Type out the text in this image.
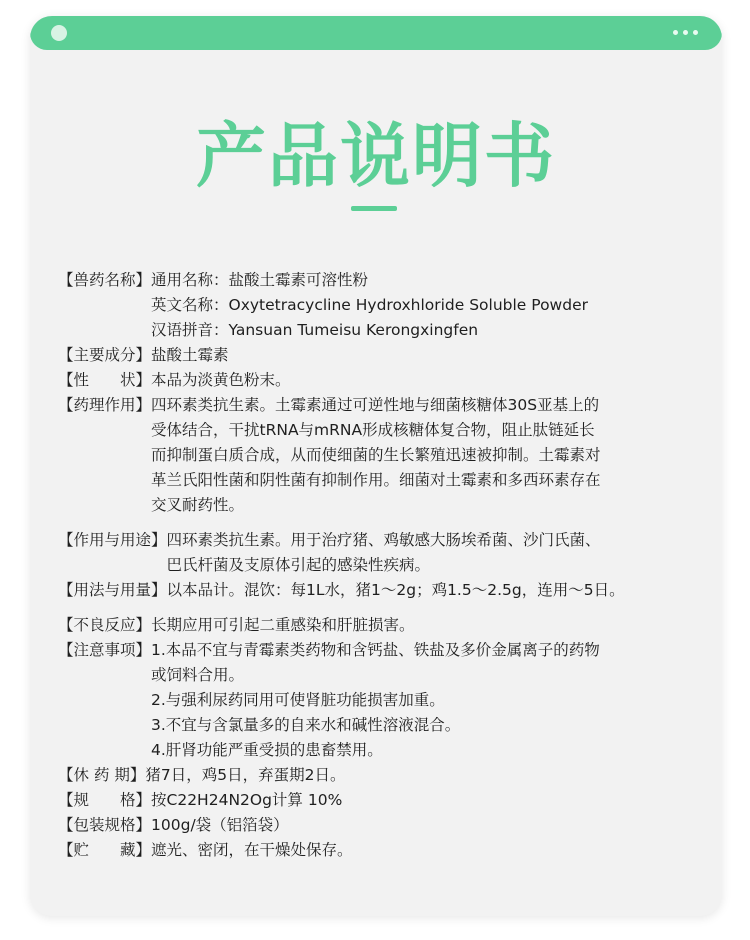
产品说明书
【兽药名称】 通用名称：盐酸土霉素可溶性粉
英文名称：Oxytetracycline Hydroxhloride Soluble Powder
汉语拼音：Yansuan Tumeisu Kerongxingfen
【主要成分】 盐酸土霉素
【性　　状】 本品为淡黄色粉末。
【药理作用】 四环素类抗生素。土霉素通过可逆性地与细菌核糖体30S亚基上的
受体结合，干扰tRNA与mRNA形成核糖体复合物，阻止肽链延长
而抑制蛋白质合成，从而使细菌的生长繁殖迅速被抑制。土霉素对
革兰氏阳性菌和阴性菌有抑制作用。细菌对土霉素和多西环素存在
交叉耐药性。
【作用与用途】 四环素类抗生素。用于治疗猪、鸡敏感大肠埃希菌、沙门氏菌、
巴氏杆菌及支原体引起的感染性疾病。
【用法与用量】 以本品计。混饮：每1L水，猪1～2g；鸡1.5～2.5g，连用～5日。
【不良反应】 长期应用可引起二重感染和肝脏损害。
【注意事项】 1.本品不宜与青霉素类药物和含钙盐、铁盐及多价金属离子的药物
或饲料合用。
2.与强利尿药同用可使肾脏功能损害加重。
3.不宜与含氯量多的自来水和碱性溶液混合。
4.肝肾功能严重受损的患畜禁用。
【休 药 期】 猪7日，鸡5日，弃蛋期2日。
【规　　格】 按C22H24N2Og计算 10%
【包装规格】 100g/袋（铝箔袋）
【贮　　藏】 遮光、密闭，在干燥处保存。
